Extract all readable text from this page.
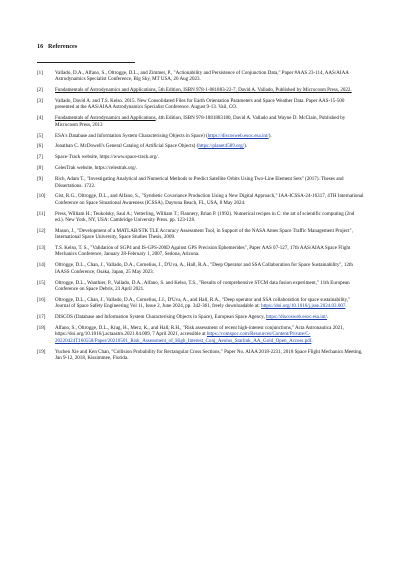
16 References
[1] Vallado, D.A., Alfano, S., Oltrogge, D.L., and Zimmer, P., "Actionability and Persistence of Conjunction Data," Paper #AAS 23-114, AAS/AIAA Astrodynamics Specialist Conference, Big Sky, MT USA, 20 Aug 2023.
[2] Fundamentals of Astrodynamics and Applications, 5th Edition, ISBN 978-1-881883-22-7, David A. Vallado, Published by Microcosm Press, 2022.
[3] Vallado, David A. and T.S. Kelso. 2015. New Consolidated Files for Earth Orientation Parameters and Space Weather Data. Paper AAS-15-500 presented at the AAS/AIAA Astrodynamics Specialist Conference. August 9-13. Vail, CO.
[4] Fundamentals of Astrodynamics and Applications, 4th Edition, ISBN 978-1881883180, David A. Vallado and Wayne D. McClain, Published by Microcosm Press, 2013
[5] ESA's Database and Information System Characterising Objects in Space) (https://discosweb.esoc.esa.int/).
[6] Jonathan C. McDowell's General Catalog of Artificial Space Objects) (https://planet4589.org/).
[7] Space-Track website, https://www.space-track.org/.
[8] CelesTrak website, https://celestrak.org/.
[9] Rich, Adam T., "Investigating Analytical and Numerical Methods to Predict Satellite Orbits Using Two-Line Element Sets" (2017). Theses and Dissertations. 1722.
[10] Gist, R.G., Oltrogge, D.L., and Alfano, S., "Synthetic Covariance Production Using a New Digital Approach," IAA-ICSSA-24-16317, 4TH International Conference on Space Situational Awareness (ICSSA), Daytona Beach, FL, USA, 8 May 2024.
[11] Press, William H.; Teukolsky, Saul A.; Vetterling, William T.; Flannery, Brian P. (1992). Numerical recipes in C: the art of scientific computing (2nd ed.). New York, NY, USA: Cambridge University Press. pp. 123-128.
[12] Mason, J., "Development of a MATLAB/STK TLE Accuracy Assessment Tool, in Support of the NASA Ames Space Traffic Management Project", International Space University, Space Studies Thesis, 2009.
[13] T.S. Kelso, T. S., "Validation of SGP4 and IS-GPS-200D Against GPS Precision Ephemerides", Paper AAS 07-127, 17th AAS/AIAA Space Flight Mechanics Conference, January 28-February 1, 2007, Sedona, Arizona.
[14] Oltrogge, D.L., Chan, J., Vallado, D.A., Cornelius, J., D'Uva, A., Hall, R.A., "Deep Operator and SSA Collaboration for Space Sustainability", 12th IAASS Conference, Osaka, Japan, 25 May 2023.
[15] Oltrogge, D.L., Wauthier, P., Vallado, D.A., Alfano, S. and Kelso, T.S., "Results of comprehensive STCM data fusion experiment," 11th European Conference on Space Debris, 23 April 2021.
[16] Oltrogge, D.L., Chan, J., Vallado, D.A., Cornelius, J.J., D'Uva, A., and Hall, R.A., "Deep operator and SSA collaboration for space sustainability," Journal of Space Safety Engineering Vol 11, Issue 2, June 2024, pp. 342-361, freely downloadable at: https://doi.org/10.1016/j.jsse.2024.03.007.
[17] DISCOS (Database and Information System Characterising Objects in Space), European Space Agency, https://discosweb.esoc.esa.int/.
[18] Alfano, S., Oltrogge, D.L., Krag, H., Merz, K., and Hall, R.H., "Risk assessment of recent high-interest conjunctions," Acta Astronautica 2021, https://doi.org/10.1016/j.actaastro.2021.04.009, 7 April 2021, accessible at https://comspoc.com/Resources/Content/Private/C-20220424T160558/Paper/20210501_Risk_Assessment_of_High_Interest_Conj_Aeolus_Starlink_AA_Gold_Open_Access.pdf.
[19] Yuchen Xie and Ken Chan, "Collision Probability for Rectangular Cross Sections," Paper No. AIAA 2018-2231, 2018 Space Flight Mechanics Meeting, Jan 9-12, 2018, Kissimmee, Florida.
